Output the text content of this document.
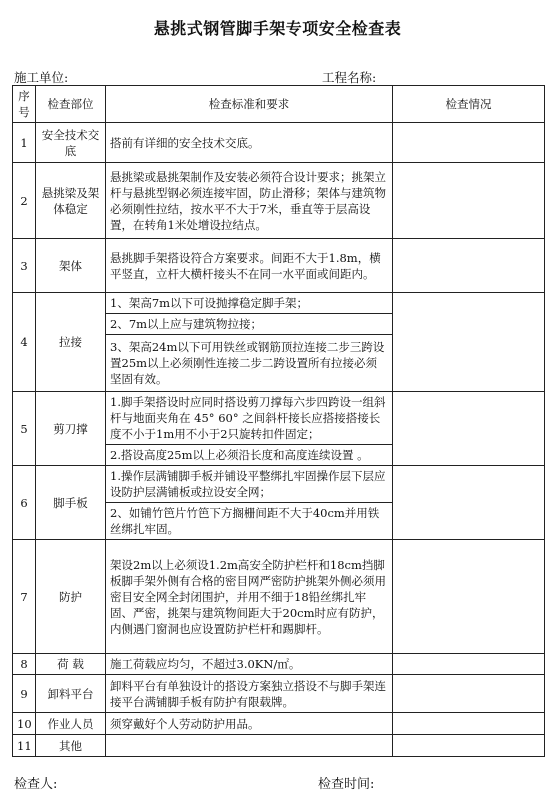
悬挑式钢管脚手架专项安全检查表
施工单位:	工程名称:
序号	检查部位	检查标准和要求	检查情况
1	安全技术交底	搭前有详细的安全技术交底。	
2	悬挑梁及架体稳定	悬挑梁或悬挑架制作及安装必须符合设计要求；挑架立杆与悬挑型钢必须连接牢固，防止滑移；架体与建筑物必须刚性拉结，按水平不大于7米，垂直等于层高设置，在转角1米处增设拉结点。	
3	架体	悬挑脚手架搭设符合方案要求。间距不大于1.8m，横平竖直，立杆大横杆接头不在同一水平面或间距内。	
4	拉接	1、架高7m以下可设抛撑稳定脚手架；	
		2、7m以上应与建筑物拉接；	
		3、架高24m以下可用铁丝或钢筋顶拉连接二步三跨设置25m以上必须刚性连接二步二跨设置所有拉接必须坚固有效。	
5	剪刀撑	1.脚手架搭设时应同时搭设剪刀撑每六步四跨设一组斜杆与地面夹角在 45° 60° 之间斜杆接长应搭接搭接长度不小于1m用不小于2只旋转扣件固定；	
		2.搭设高度25m以上必须沿长度和高度连续设置 。	
6	脚手板	1.操作层满铺脚手板并铺设平整绑扎牢固操作层下层应设防护层满铺板或拉设安全网；	
		2、如铺竹笆片竹笆下方搁栅间距不大于40cm并用铁丝绑扎牢固。	
7	防护	架设2m以上必须设1.2m高安全防护栏杆和18cm挡脚板脚手架外侧有合格的密目网严密防护挑架外侧必须用密目安全网全封闭围护，并用不细于18铅丝绑扎牢固、严密，挑架与建筑物间距大于20cm时应有防护，内侧遇门窗洞也应设置防护栏杆和踢脚杆。	
8	荷 载	施工荷载应均匀，不超过3.0KN/㎡。	
9	卸料平台	卸料平台有单独设计的搭设方案独立搭设不与脚手架连接平台满铺脚手板有防护有限载牌。	
10	作业人员	须穿戴好个人劳动防护用品。	
11	其他		
检查人:	检查时间:
